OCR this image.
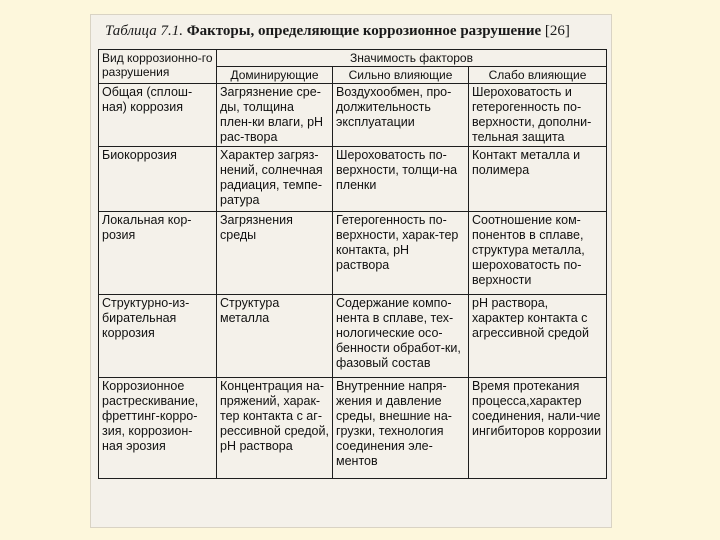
Таблица 7.1. Факторы, определяющие коррозионное разрушение [26]
Вид коррозионно-го разрушения	Значимость факторов		
	Доминирующие	Сильно влияющие	Слабо влияющие
Общая (сплош-ная) коррозия	Загрязнение сре-ды, толщина плен-ки влаги, pH рас-твора	Воздухообмен, про-должительность эксплуатации	Шероховатость и гетерогенность по-верхности, дополни-тельная защита
Биокоррозия	Характер загряз-нений, солнечная радиация, темпе-ратура	Шероховатость по-верхности, толщи-на пленки	Контакт металла и полимера
Локальная кор-розия	Загрязнения среды	Гетерогенность по-верхности, харак-тер контакта, pH раствора	Соотношение ком-понентов в сплаве, структура металла, шероховатость по-верхности
Структурно-из-бирательная коррозия	Структура металла	Содержание компо-нента в сплаве, тех-нологические осо-бенности обработ-ки, фазовый состав	pH раствора, характер контакта с агрессивной средой
Коррозионное растрескивание, фреттинг-корро-зия, коррозион-ная эрозия	Концентрация на-пряжений, харак-тер контакта с аг-рессивной средой, pH раствора	Внутренние напря-жения и давление среды, внешние на-грузки, технология соединения эле-ментов	Время протекания процесса,характер соединения, нали-чие ингибиторов коррозии
